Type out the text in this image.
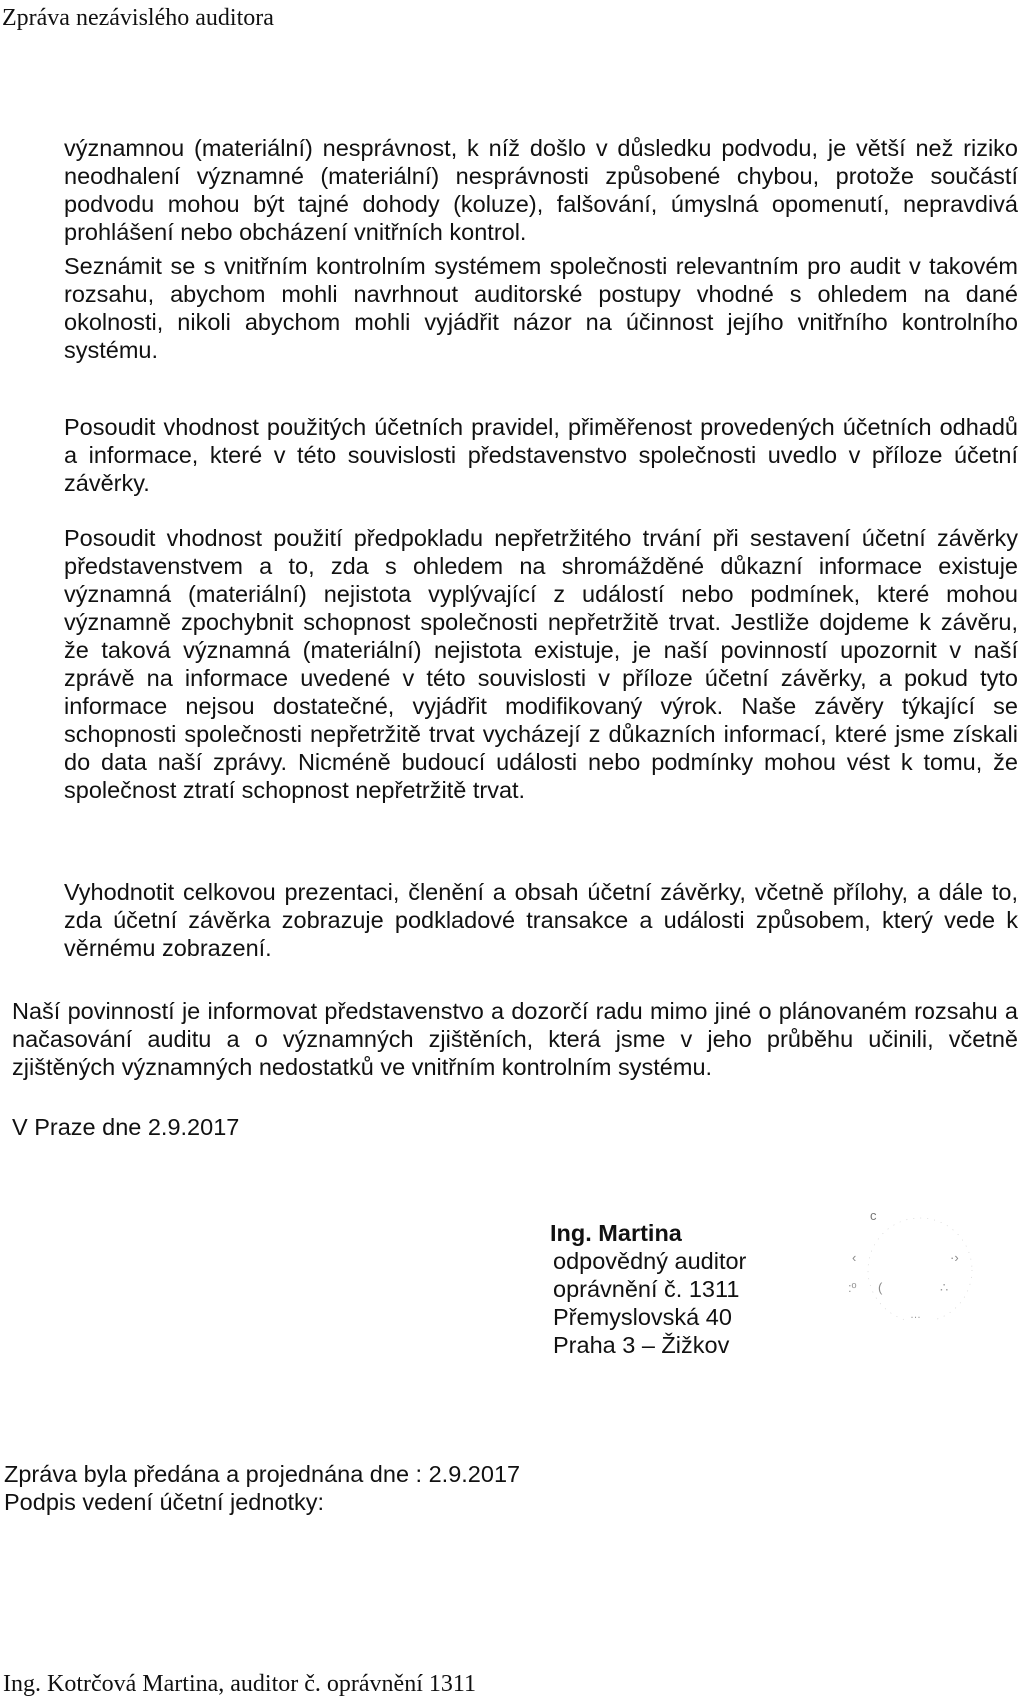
Zpráva nezávislého auditora

významnou (materiální) nesprávnost, k níž došlo v důsledku podvodu, je větší než riziko neodhalení významné (materiální) nesprávnosti způsobené chybou, protože součástí podvodu mohou být tajné dohody (koluze), falšování, úmyslná opomenutí, nepravdivá prohlášení nebo obcházení vnitřních kontrol.

Seznámit se s vnitřním kontrolním systémem společnosti relevantním pro audit v takovém rozsahu, abychom mohli navrhnout auditorské postupy vhodné s ohledem na dané okolnosti, nikoli abychom mohli vyjádřit názor na účinnost jejího vnitřního kontrolního systému.

Posoudit vhodnost použitých účetních pravidel, přiměřenost provedených účetních odhadů a informace, které v této souvislosti představenstvo společnosti uvedlo v příloze účetní závěrky.

Posoudit vhodnost použití předpokladu nepřetržitého trvání při sestavení účetní závěrky představenstvem a to, zda s ohledem na shromážděné důkazní informace existuje významná (materiální) nejistota vyplývající z událostí nebo podmínek, které mohou významně zpochybnit schopnost společnosti nepřetržitě trvat. Jestliže dojdeme k závěru, že taková významná (materiální) nejistota existuje, je naší povinností upozornit v naší zprávě na informace uvedené v této souvislosti v příloze účetní závěrky, a pokud tyto informace nejsou dostatečné, vyjádřit modifikovaný výrok. Naše závěry týkající se schopnosti společnosti nepřetržitě trvat vycházejí z důkazních informací, které jsme získali do data naší zprávy. Nicméně budoucí události nebo podmínky mohou vést k tomu, že společnost ztratí schopnost nepřetržitě trvat.

Vyhodnotit celkovou prezentaci, členění a obsah účetní závěrky, včetně přílohy, a dále to, zda účetní závěrka zobrazuje podkladové transakce a události způsobem, který vede k věrnému zobrazení.

Naší povinností je informovat představenstvo a dozorčí radu mimo jiné o plánovaném rozsahu a načasování auditu a o významných zjištěních, která jsme v jeho průběhu učinili, včetně zjištěných významných nedostatků ve vnitřním kontrolním systému.

V Praze dne 2.9.2017

Ing. Martina
odpovědný auditor
oprávnění č. 1311
Přemyslovská 40
Praha 3 – Žižkov
c
‹	·›
:º (	∴
…

Zpráva byla předána a projednána dne : 2.9.2017

Podpis vedení účetní jednotky:

Ing. Kotrčová Martina, auditor č. oprávnění 1311
